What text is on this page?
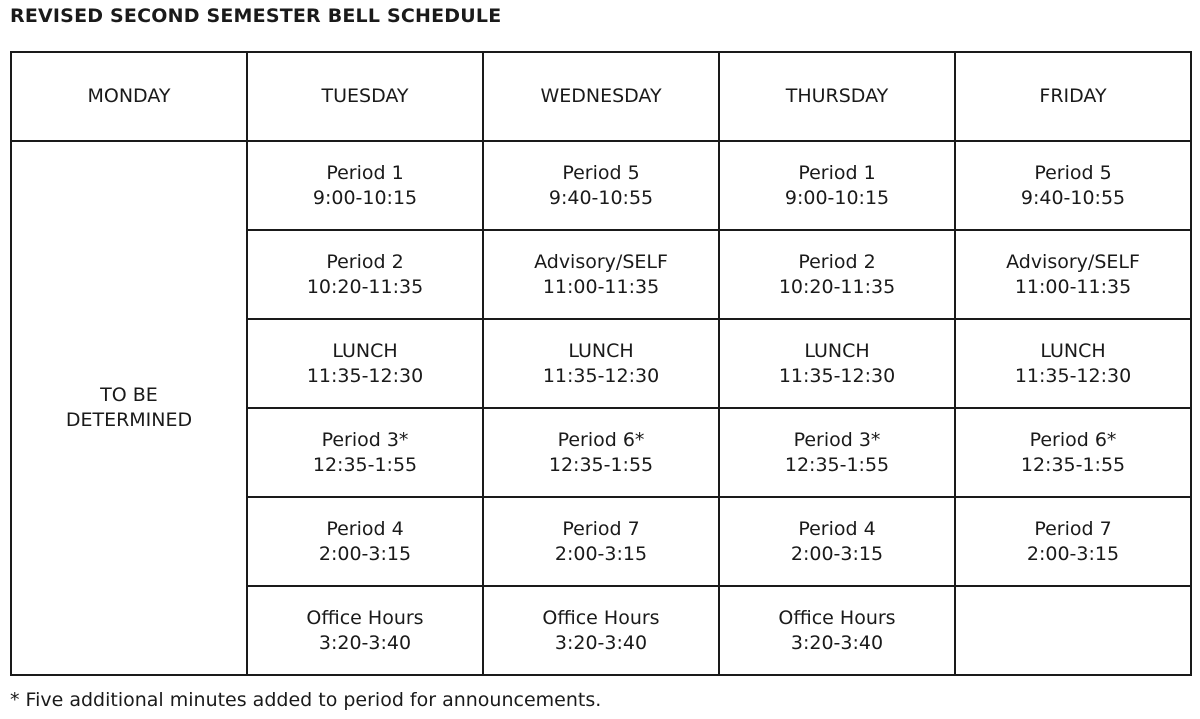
REVISED SECOND SEMESTER BELL SCHEDULE
MONDAY	TUESDAY	WEDNESDAY	THURSDAY	FRIDAY

TO BE
DETERMINED	Period 1
9:00-10:15	Period 5
9:40-10:55	Period 1
9:00-10:15	Period 5
9:40-10:55

	Period 2
10:20-11:35	Advisory/SELF
11:00-11:35	Period 2
10:20-11:35	Advisory/SELF
11:00-11:35

	LUNCH
11:35-12:30	LUNCH
11:35-12:30	LUNCH
11:35-12:30	LUNCH
11:35-12:30

	Period 3*
12:35-1:55	Period 6*
12:35-1:55	Period 3*
12:35-1:55	Period 6*
12:35-1:55

	Period 4
2:00-3:15	Period 7
2:00-3:15	Period 4
2:00-3:15	Period 7
2:00-3:15

	Office Hours
3:20-3:40	Office Hours
3:20-3:40	Office Hours
3:20-3:40	

* Five additional minutes added to period for announcements.
